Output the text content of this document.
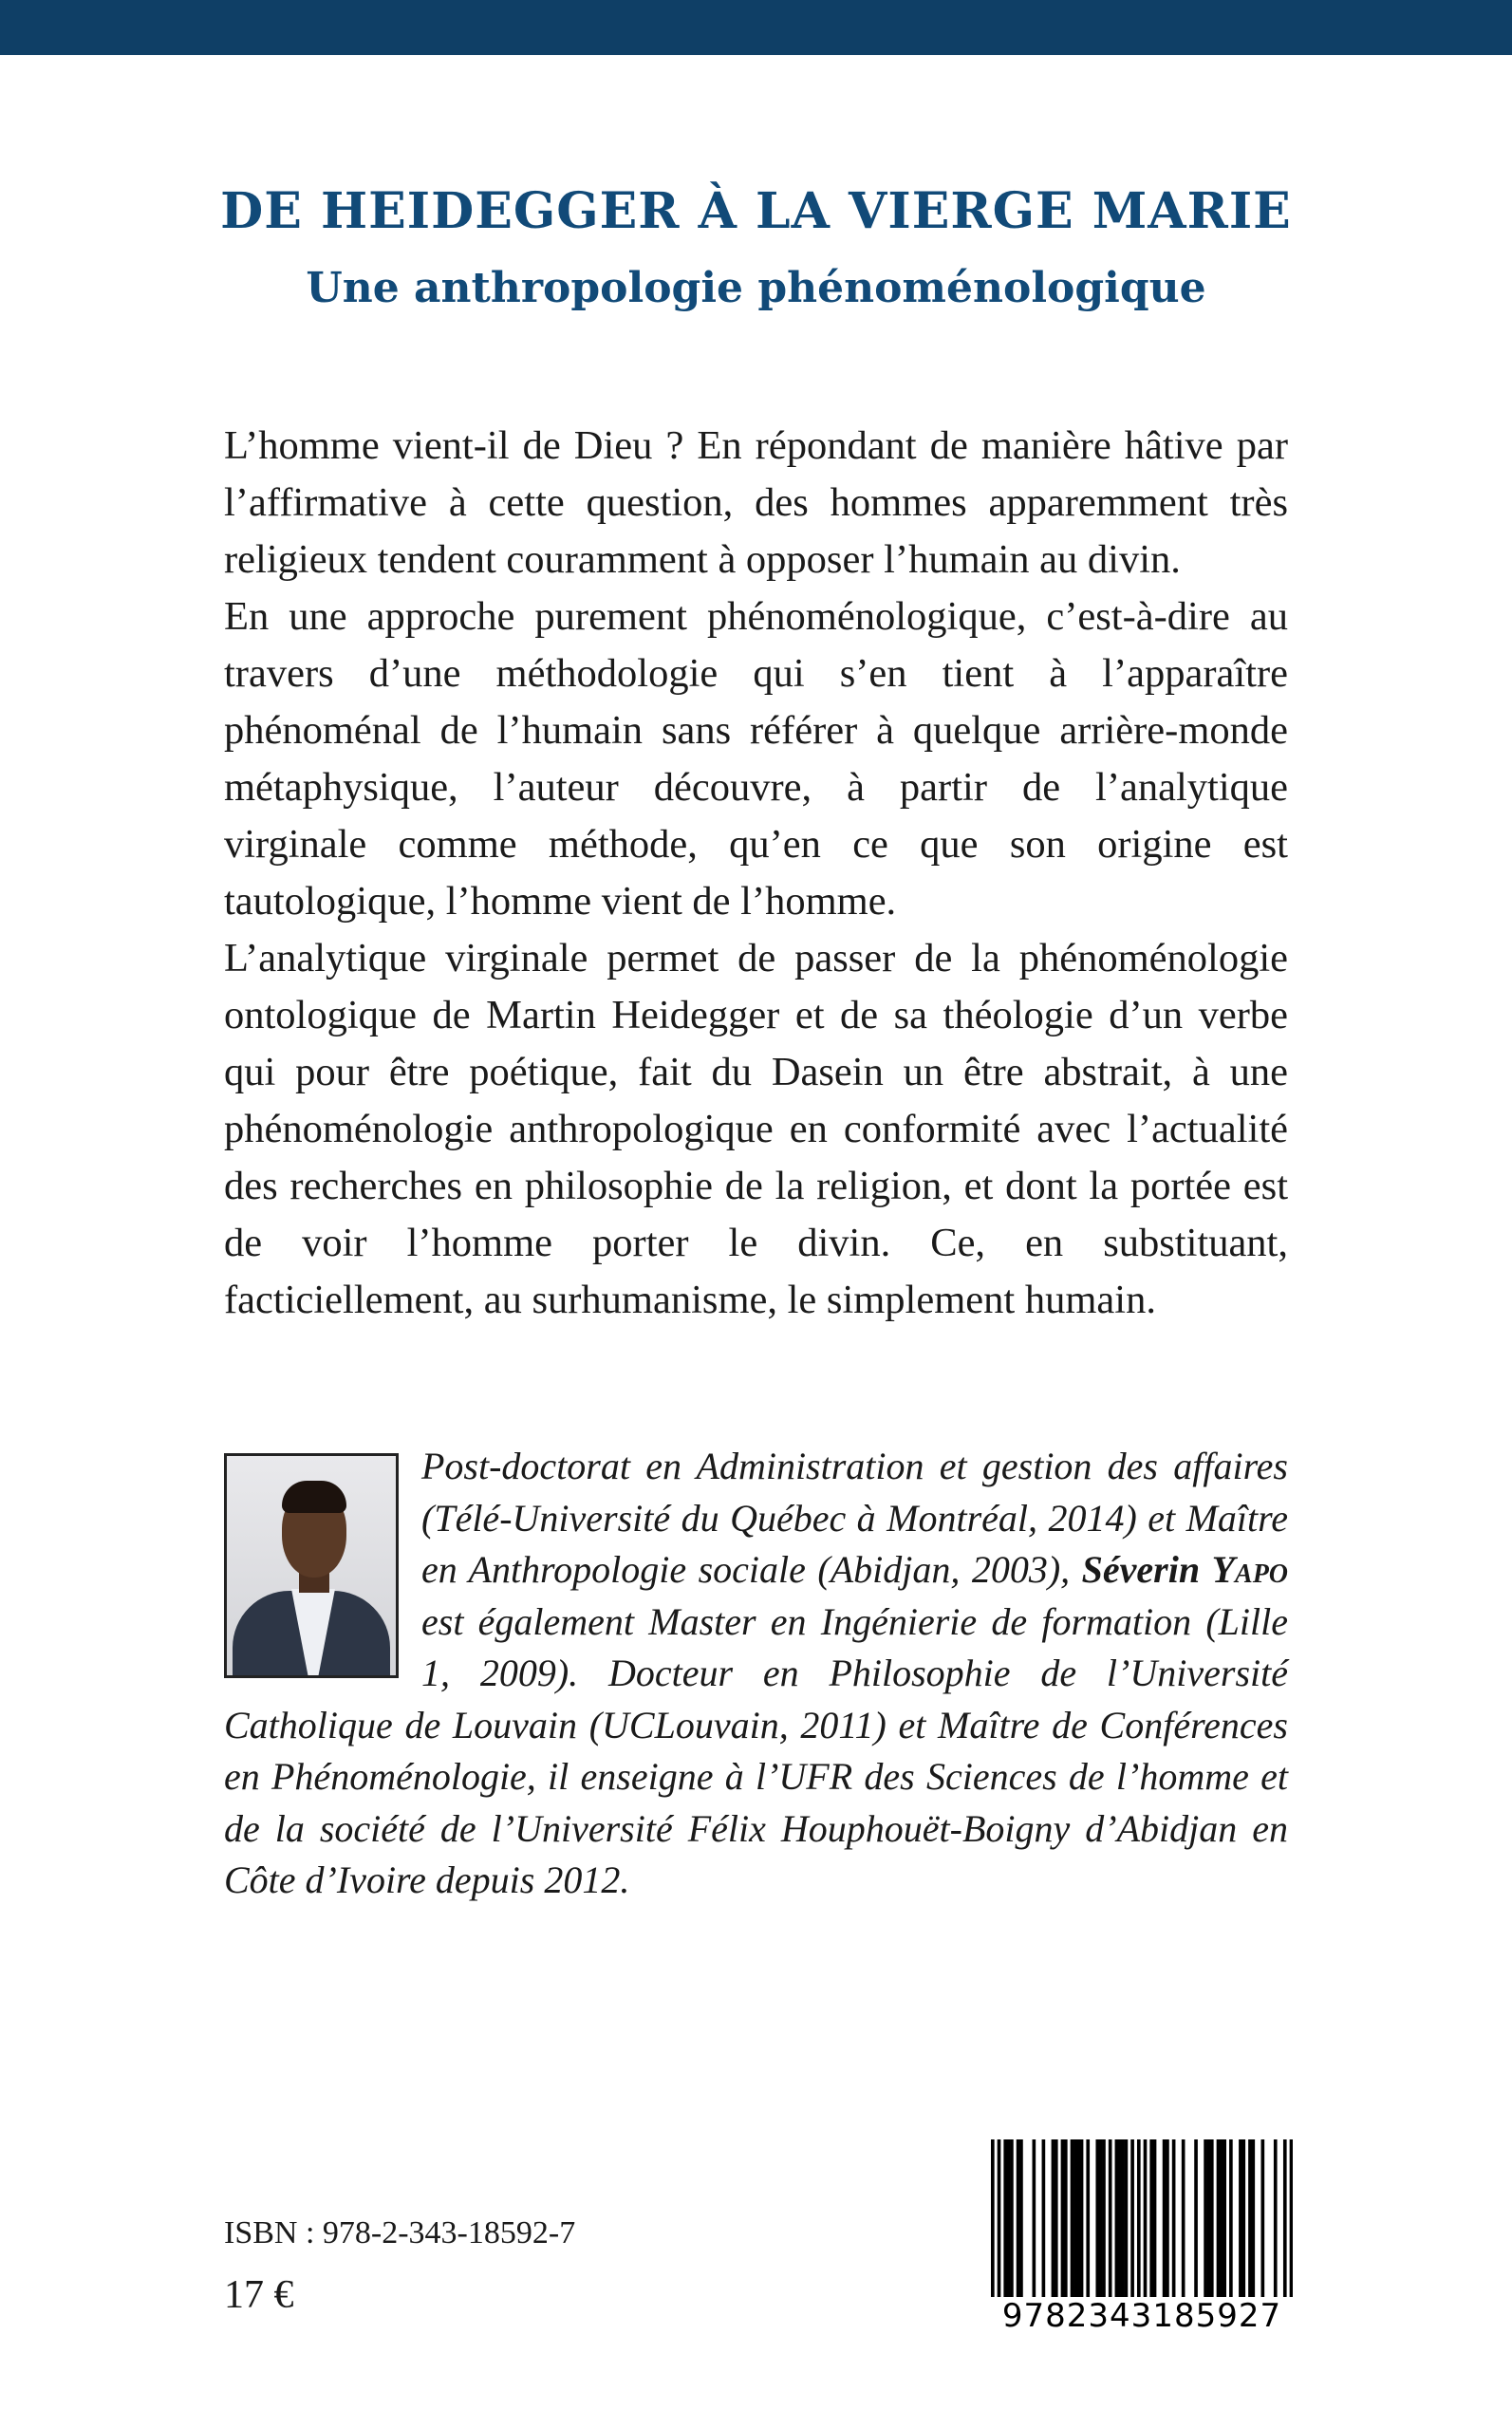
DE HEIDEGGER À LA VIERGE MARIE
Une anthropologie phénoménologique

L’homme vient-il de Dieu ? En répondant de manière hâtive par l’affirmative à cette question, des hommes apparemment très religieux tendent couramment à opposer l’humain au divin.

En une approche purement phénoménologique, c’est-à-dire au travers d’une méthodologie qui s’en tient à l’apparaître phénoménal de l’humain sans référer à quelque arrière-monde métaphysique, l’auteur découvre, à partir de l’analytique virginale comme méthode, qu’en ce que son origine est tautologique, l’homme vient de l’homme.

L’analytique virginale permet de passer de la phénoménologie ontologique de Martin Heidegger et de sa théologie d’un verbe qui pour être poétique, fait du Dasein un être abstrait, à une phénoménologie anthropologique en conformité avec l’actualité des recherches en philosophie de la religion, et dont la portée est de voir l’homme porter le divin. Ce, en substituant, facticiellement, au surhumanisme, le simplement humain.

Post-doctorat en Administration et gestion des affaires (Télé-Université du Québec à Montréal, 2014) et Maître en Anthropologie sociale (Abidjan, 2003), Séverin Yapo est également Master en Ingénierie de formation (Lille 1, 2009). Docteur en Philosophie de l’Université Catholique de Louvain (UCLouvain, 2011) et Maître de Conférences en Phénoménologie, il enseigne à l’UFR des Sciences de l’homme et de la société de l’Université Félix Houphouët-Boigny d’Abidjan en Côte d’Ivoire depuis 2012.

ISBN : 978-2-343-18592-7
17 €	9782343185927
